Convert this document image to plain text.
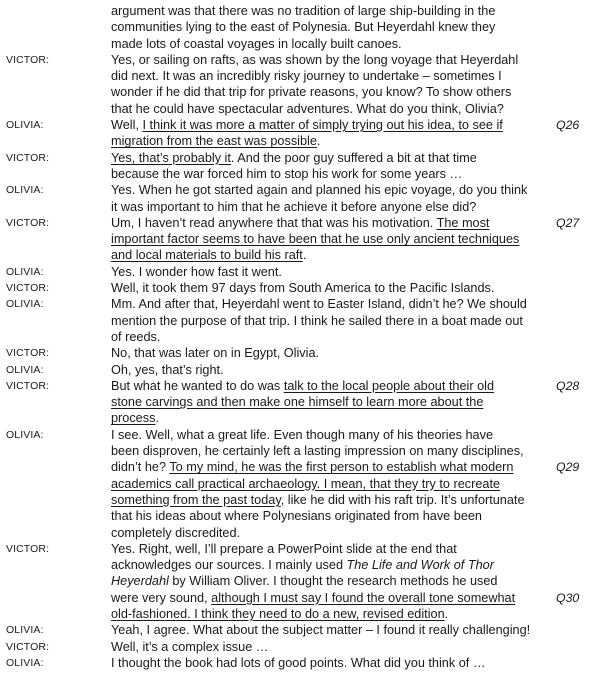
argument was that there was no tradition of large ship-building in the
communities lying to the east of Polynesia. But Heyerdahl knew they
made lots of coastal voyages in locally built canoes.
VICTOR:	Yes, or sailing on rafts, as was shown by the long voyage that Heyerdahl
did next. It was an incredibly risky journey to undertake – sometimes I
wonder if he did that trip for private reasons, you know? To show others
that he could have spectacular adventures. What do you think, Olivia?
OLIVIA:	Well, I think it was more a matter of simply trying out his idea, to see if	Q26
migration from the east was possible.
VICTOR:	Yes, that’s probably it. And the poor guy suffered a bit at that time
because the war forced him to stop his work for some years …
OLIVIA:	Yes. When he got started again and planned his epic voyage, do you think
it was important to him that he achieve it before anyone else did?
VICTOR:	Um, I haven’t read anywhere that that was his motivation. The most	Q27
important factor seems to have been that he use only ancient techniques
and local materials to build his raft.
OLIVIA:	Yes. I wonder how fast it went.
VICTOR:	Well, it took them 97 days from South America to the Pacific Islands.
OLIVIA:	Mm. And after that, Heyerdahl went to Easter Island, didn’t he? We should
mention the purpose of that trip. I think he sailed there in a boat made out
of reeds.
VICTOR:	No, that was later on in Egypt, Olivia.
OLIVIA:	Oh, yes, that’s right.
VICTOR:	But what he wanted to do was talk to the local people about their old	Q28
stone carvings and then make one himself to learn more about the
process.
OLIVIA:	I see. Well, what a great life. Even though many of his theories have
been disproven, he certainly left a lasting impression on many disciplines,
didn’t he? To my mind, he was the first person to establish what modern	Q29
academics call practical archaeology. I mean, that they try to recreate
something from the past today, like he did with his raft trip. It’s unfortunate
that his ideas about where Polynesians originated from have been
completely discredited.
VICTOR:	Yes. Right, well, I’ll prepare a PowerPoint slide at the end that
acknowledges our sources. I mainly used The Life and Work of Thor
Heyerdahl by William Oliver. I thought the research methods he used
were very sound, although I must say I found the overall tone somewhat	Q30
old-fashioned. I think they need to do a new, revised edition.
OLIVIA:	Yeah, I agree. What about the subject matter – I found it really challenging!
VICTOR:	Well, it’s a complex issue …
OLIVIA:	I thought the book had lots of good points. What did you think of …
